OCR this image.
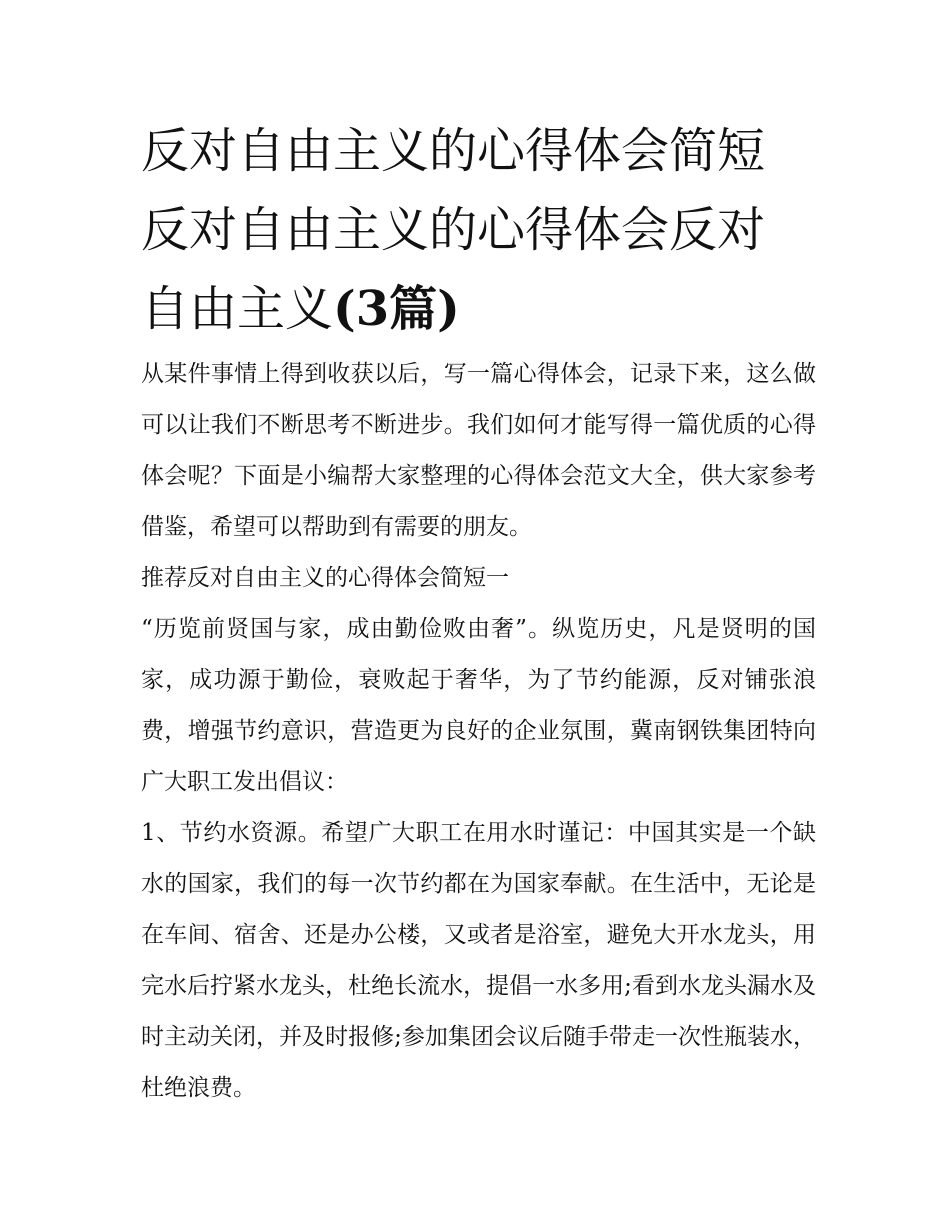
反对自由主义的心得体会简短
反对自由主义的心得体会反对
自由主义(3篇)

从某件事情上得到收获以后，写一篇心得体会，记录下来，这么做可以让我们不断思考不断进步。我们如何才能写得一篇优质的心得体会呢？下面是小编帮大家整理的心得体会范文大全，供大家参考借鉴，希望可以帮助到有需要的朋友。

推荐反对自由主义的心得体会简短一

“历览前贤国与家，成由勤俭败由奢”。纵览历史，凡是贤明的国家，成功源于勤俭，衰败起于奢华，为了节约能源，反对铺张浪费，增强节约意识，营造更为良好的企业氛围，冀南钢铁集团特向广大职工发出倡议：

1、节约水资源。希望广大职工在用水时谨记：中国其实是一个缺水的国家，我们的每一次节约都在为国家奉献。在生活中，无论是在车间、宿舍、还是办公楼，又或者是浴室，避免大开水龙头，用完水后拧紧水龙头，杜绝长流水，提倡一水多用;看到水龙头漏水及时主动关闭，并及时报修;参加集团会议后随手带走一次性瓶装水，杜绝浪费。
